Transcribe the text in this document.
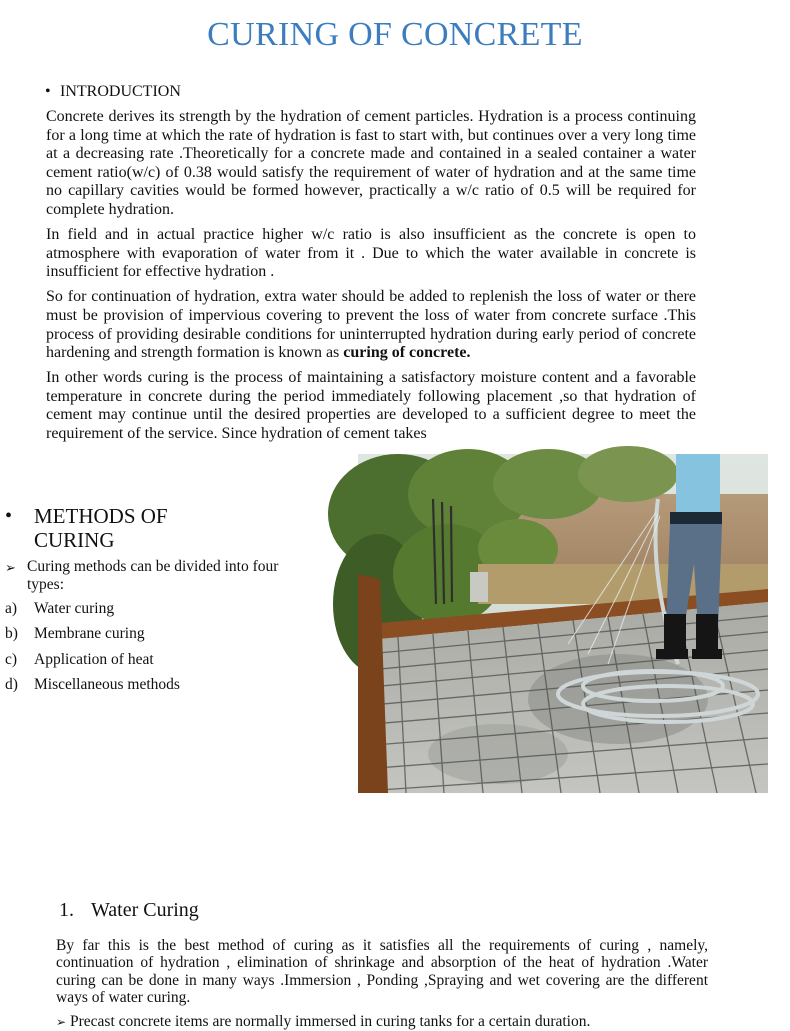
CURING OF CONCRETE
• INTRODUCTION

Concrete derives its strength by the hydration of cement particles. Hydration is a process continuing for a long time at which the rate of hydration is fast to start with, but continues over a very long time at a decreasing rate .Theoretically for a concrete made and contained in a sealed container a water cement ratio(w/c) of 0.38 would satisfy the requirement of water of hydration and at the same time no capillary cavities would be formed however, practically a w/c ratio of 0.5 will be required for complete hydration.

In field and in actual practice higher w/c ratio is also insufficient as the concrete is open to atmosphere with evaporation of water from it . Due to which the water available in concrete is insufficient for effective hydration .

So for continuation of hydration, extra water should be added to replenish the loss of water or there must be provision of impervious covering to prevent the loss of water from concrete surface .This process of providing desirable conditions for uninterrupted hydration during early period of concrete hardening and strength formation is known as curing of concrete.

In other words curing is the process of maintaining a satisfactory moisture content and a favorable temperature in concrete during the period immediately following placement ,so that hydration of cement may continue until the desired properties are developed to a sufficient degree to meet the requirement of the service. Since hydration of cement takes

•	METHODS OF CURING
➢ Curing methods can be divided into four types:
a)	Water curing
b)	Membrane curing
c)	Application of heat
d)	Miscellaneous methods
1. Water Curing

By far this is the best method of curing as it satisfies all the requirements of curing , namely, continuation of hydration , elimination of shrinkage and absorption of the heat of hydration .Water curing can be done in many ways .Immersion , Ponding ,Spraying and wet covering are the different ways of water curing.

➢ Precast concrete items are normally immersed in curing tanks for a certain duration.
